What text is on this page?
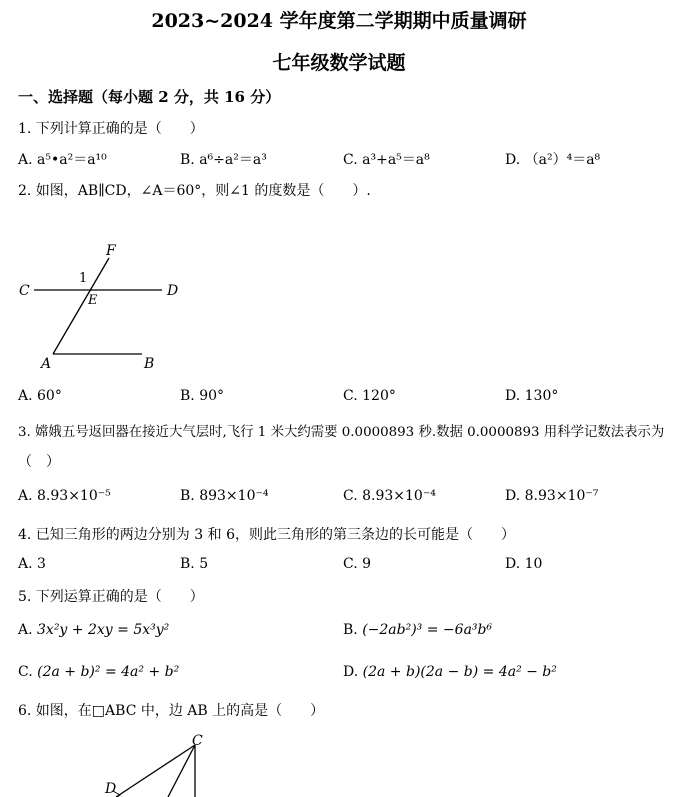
2023~2024 学年度第二学期期中质量调研
七年级数学试题
一、选择题（每小题 2 分，共 16 分）
1. 下列计算正确的是（　　）
A. a⁵•a²＝a¹⁰	B. a⁶÷a²＝a³	C. a³+a⁵＝a⁸	D. （a²）⁴＝a⁸
2. 如图，AB∥CD，∠A＝60°，则∠1 的度数是（　　）.
F
1
C
E
D
A	B
A. 60°	B. 90°	C. 120°	D. 130°
3. 嫦娥五号返回器在接近大气层时,飞行 1 米大约需要 0.0000893 秒.数据 0.0000893 用科学记数法表示为
（　）
A. 8.93×10⁻⁵	B. 893×10⁻⁴	C. 8.93×10⁻⁴	D. 8.93×10⁻⁷
4. 已知三角形的两边分别为 3 和 6，则此三角形的第三条边的长可能是（　　）
A. 3	B. 5	C. 9	D. 10
5. 下列运算正确的是（　　）
A. 3x²y + 2xy = 5x³y²	B. (−2ab²)³ = −6a³b⁶
C. (2a + b)² = 4a² + b²	D. (2a + b)(2a − b) = 4a² − b²
6. 如图，在□ABC 中，边 AB 上的高是（　　）
C
D
